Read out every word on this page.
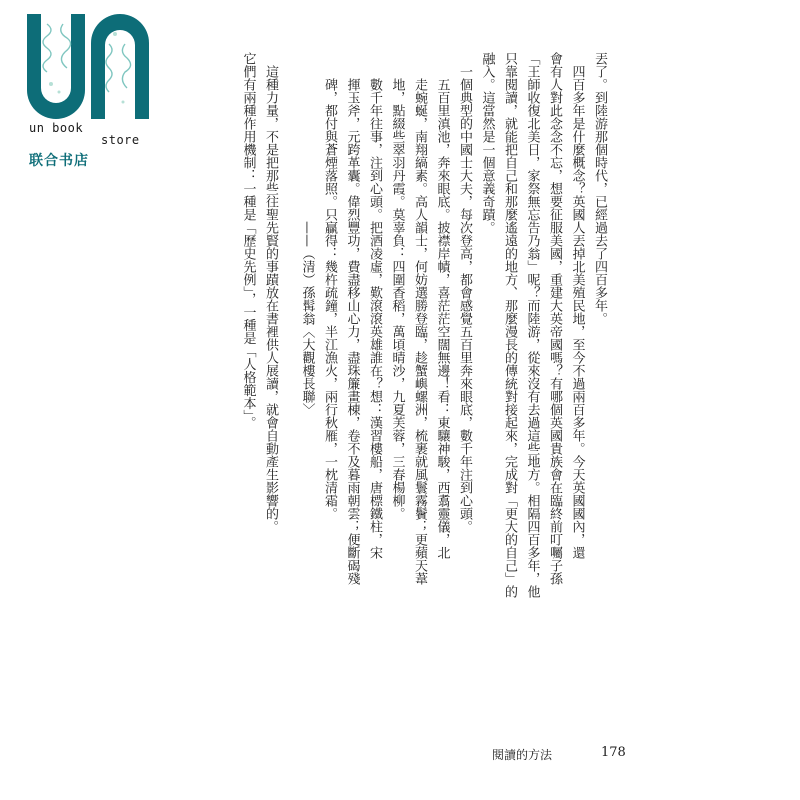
un book
store
联合书店	丟了。到陸游那個時代，已經過去了四百多年。

四百多年是什麼概念？英國人丟掉北美殖民地，至今不過兩百多年。今天英國國內，還

會有人對此念念不忘，想要征服美國，重建大英帝國嗎？有哪個英國貴族會在臨終前叮囑子孫

「王師收復北美日，家祭無忘告乃翁」呢？而陸游，從來沒有去過這些地方。相隔四百多年，他

只靠閱讀，就能把自己和那麼遙遠的地方、那麼漫長的傳統對接起來，完成對「更大的自己」的

融入。這當然是一個意義奇蹟。

一個典型的中國士大夫，每次登高，都會感覺五百里奔來眼底，數千年注到心頭。

五百里滇池，奔來眼底。披襟岸幘，喜茫茫空闊無邊！看：東驤神駿，西翥靈儀，北

走蜿蜒，南翔縞素。高人韻士，何妨選勝登臨，趁蟹嶼螺洲，梳裹就風鬟霧鬢；更蘋天葦

地，點綴些翠羽丹霞。莫辜負：四圍香稻，萬頃晴沙，九夏芙蓉，三春楊柳。

數千年往事，注到心頭。把酒凌虛，歎滾滾英雄誰在？想：漢習樓船，唐標鐵柱，宋

揮玉斧，元跨革囊。偉烈豐功，費盡移山心力，盡珠簾畫棟，卷不及暮雨朝雲；便斷碣殘

碑，都付與蒼煙落照。只贏得：幾杵疏鐘，半江漁火，兩行秋雁，一枕清霜。

——（清）孫髯翁〈大觀樓長聯〉

這種力量，不是把那些往聖先賢的事蹟放在書裡供人展讀，就會自動產生影響的。

它們有兩種作用機制：一種是「歷史先例」，一種是「人格範本」。

閱讀的方法	178
